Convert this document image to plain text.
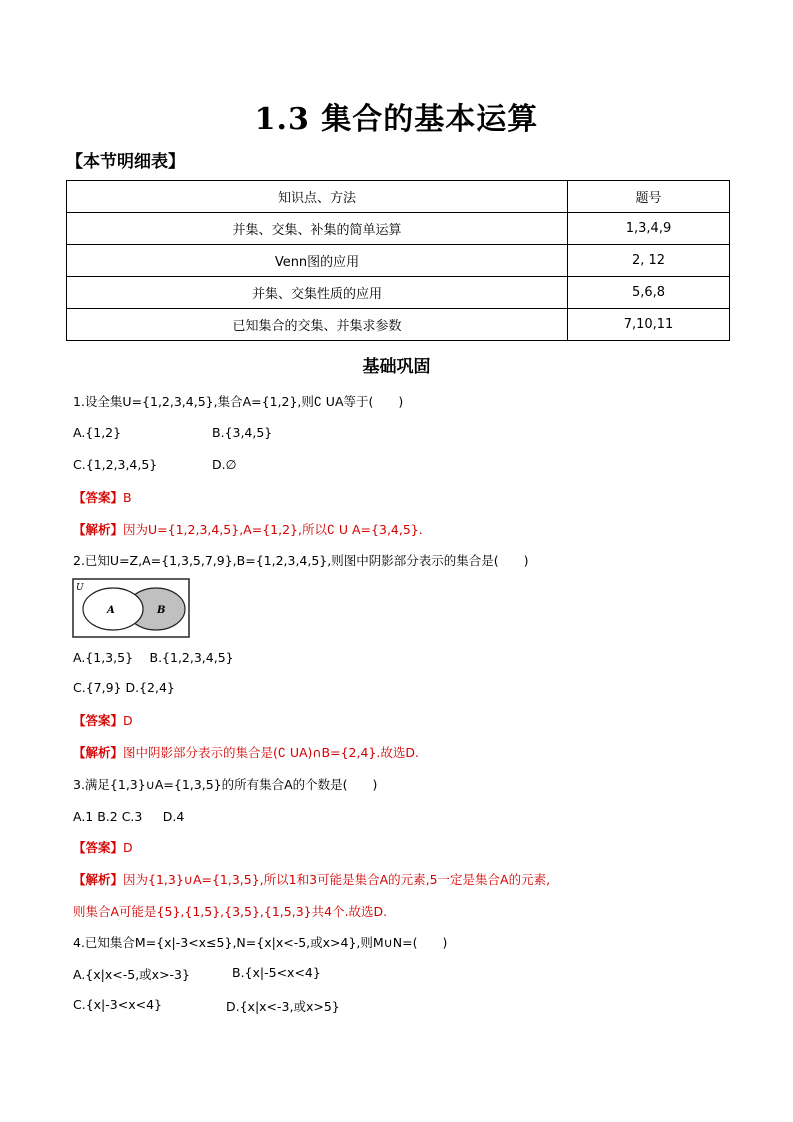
1.3 集合的基本运算
【本节明细表】
知识点、方法	题号
并集、交集、补集的简单运算	1,3,4,9
Venn图的应用	2, 12
并集、交集性质的应用	5,6,8
已知集合的交集、并集求参数	7,10,11
基础巩固
1.设全集U={1,2,3,4,5},集合A={1,2},则∁ UA等于(　　)
A.{1,2}	B.{3,4,5}
C.{1,2,3,4,5}	D.∅
【答案】B
【解析】因为U={1,2,3,4,5},A={1,2},所以∁ U A={3,4,5}.
2.已知U=Z,A={1,3,5,7,9},B={1,2,3,4,5},则图中阴影部分表示的集合是(　　)
U
A	B
A.{1,3,5}　 B.{1,2,3,4,5}
C.{7,9} D.{2,4}
【答案】D
【解析】图中阴影部分表示的集合是(∁ UA)∩B={2,4}.故选D.
3.满足{1,3}∪A={1,3,5}的所有集合A的个数是(　　)
A.1 B.2 C.3 　 D.4
【答案】D
【解析】因为{1,3}∪A={1,3,5},所以1和3可能是集合A的元素,5一定是集合A的元素,
则集合A可能是{5},{1,5},{3,5},{1,5,3}共4个.故选D.
4.已知集合M={x|-3<x≤5},N={x|x<-5,或x>4},则M∪N=(　　)
A.{x|x<-5,或x>-3}	B.{x|-5<x<4}
C.{x|-3<x<4}	D.{x|x<-3,或x>5}
